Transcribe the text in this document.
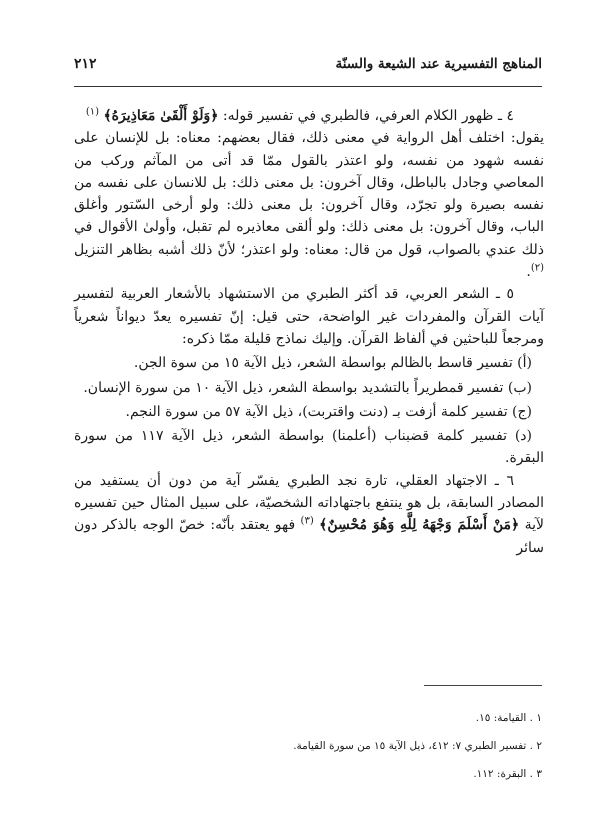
المناهج التفسيرية عند الشيعة والسنّة
٢١٢

٤ ـ ظهور الكلام العرفي، فالطبري في تفسير قوله: ﴿وَلَوْ أَلْقَىٰ مَعَاذِيرَهُ﴾ $^{(١)}$
يقول: اختلف أهل الرواية في معنى ذلك، فقال بعضهم: معناه: بل للإنسان على نفسه شهود من نفسه، ولو اعتذر بالقول ممّا قد أتى من المآثم وركب من المعاصي وجادل بالباطل، وقال آخرون: بل معنى ذلك: بل للانسان على نفسه من نفسه بصيرة ولو تجرّد، وقال آخرون: بل معنى ذلك: ولو أرخى السّتور وأغلق الباب، وقال آخرون: بل معنى ذلك: ولو ألقى معاذيره لم تقبل، وأولىٰ الأقوال في ذلك عندي بالصواب، قول من قال: معناه: ولو اعتذر؛ لأنّ ذلك أشبه بظاهر التنزيل $^{(٢)}$.

٥ ـ الشعر العربي، قد أكثر الطبري من الاستشهاد بالأشعار العربية لتفسير آيات القرآن والمفردات غير الواضحة، حتى قيل: إنّ تفسيره يعدّ ديواناً شعرياً ومرجعاً للباحثين في ألفاظ القرآن. وإليك نماذج قليلة ممّا ذكره:

(أ) تفسير قاسط بالظالم بواسطة الشعر، ذيل الآية ١٥ من سوة الجن.

(ب) تفسير قمطريراً بالتشديد بواسطة الشعر، ذيل الآية ١٠ من سورة الإنسان.

(ج) تفسير كلمة أزفت بـ (دنت واقتربت)، ذيل الآية ٥٧ من سورة النجم.

(د) تفسير كلمة قضبناب (أعلمنا) بواسطة الشعر، ذيل الآية ١١٧ من سورة البقرة.

٦ ـ الاجتهاد العقلي، تارة نجد الطبري يفسّر آية من دون أن يستفيد من المصادر السابقة، بل هو ينتفع باجتهاداته الشخصيّة، على سبيل المثال حين تفسيره لآية ﴿مَنْ أَسْلَمَ وَجْهَهُ لِلَّهِ وَهُوَ مُحْسِنٌ﴾ $^{(٣)}$ فهو يعتقد بأنّه: خصّ الوجه بالذكر دون سائر

١ . القيامة: ١٥.
٢ . تفسير الطبري ٧: ٤١٢، ذيل الآية ١٥ من سورة القيامة.
٣ . البقرة: ١١٢.
